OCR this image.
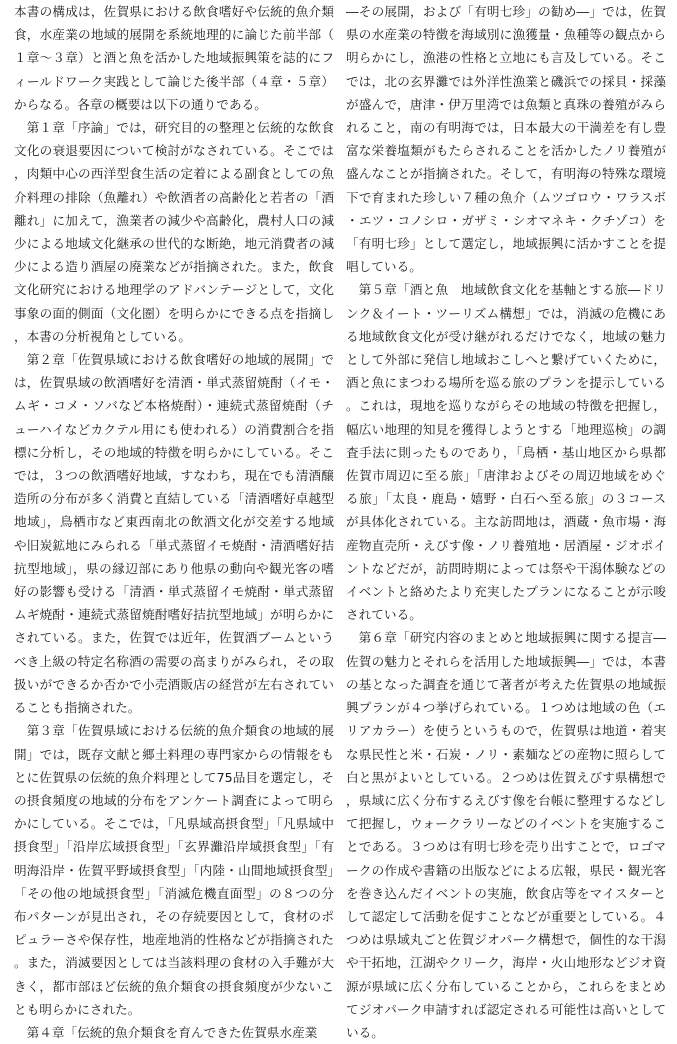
本書の構成は，佐賀県における飲食嗜好や伝統的魚介類食，水産業の地域的展開を系統地理的に論じた前半部（１章～３章）と酒と魚を活かした地域振興策を誌的にフィールドワーク実践として論じた後半部（４章・５章）からなる。各章の概要は以下の通りである。

第１章「序論」では，研究目的の整理と伝統的な飲食文化の衰退要因について検討がなされている。そこでは，肉類中心の西洋型食生活の定着による副食としての魚介料理の排除（魚離れ）や飲酒者の高齢化と若者の「酒離れ」に加えて，漁業者の減少や高齢化，農村人口の減少による地域文化継承の世代的な断絶，地元消費者の減少による造り酒屋の廃業などが指摘された。また，飲食文化研究における地理学のアドバンテージとして，文化事象の面的側面（文化圏）を明らかにできる点を指摘し，本書の分析視角としている。

第２章「佐賀県域における飲食嗜好の地域的展開」では，佐賀県域の飲酒嗜好を清酒・単式蒸留焼酎（イモ・ムギ・コメ・ソバなど本格焼酎）・連続式蒸留焼酎（チューハイなどカクテル用にも使われる）の消費割合を指標に分析し，その地域的特徴を明らかにしている。そこでは，３つの飲酒嗜好地域，すなわち，現在でも清酒醸造所の分布が多く消費と直結している「清酒嗜好卓越型地域」，鳥栖市など東西南北の飲酒文化が交差する地域や旧炭鉱地にみられる「単式蒸留イモ焼酎・清酒嗜好拮抗型地域」，県の縁辺部にあり他県の動向や観光客の嗜好の影響も受ける「清酒・単式蒸留イモ焼酎・単式蒸留ムギ焼酎・連続式蒸留焼酎嗜好拮抗型地域」が明らかにされている。また，佐賀では近年，佐賀酒ブームというべき上級の特定名称酒の需要の高まりがみられ，その取扱いができるか否かで小売酒販店の経営が左右されていることも指摘された。

第３章「佐賀県域における伝統的魚介類食の地域的展開」では，既存文献と郷土料理の専門家からの情報をもとに佐賀県の伝統的魚介料理として75品目を選定し，その摂食頻度の地域的分布をアンケート調査によって明らかにしている。そこでは，「凡県域高摂食型」「凡県域中摂食型」「沿岸広域摂食型」「玄界灘沿岸域摂食型」「有明海沿岸・佐賀平野域摂食型」「内陸・山間地域摂食型」「その他の地域摂食型」「消滅危機直面型」の８つの分布パターンが見出され，その存続要因として，食材のポピュラーさや保存性，地産地消的性格などが指摘された。また，消滅要因としては当該料理の食材の入手難が大きく，都市部ほど伝統的魚介類食の摂食頻度が少ないことも明らかにされた。

第４章「伝統的魚介類食を育んできた佐賀県水産業

―その展開，および「有明七珍」の勧め―」では，佐賀県の水産業の特徴を海域別に漁獲量・魚種等の観点から明らかにし，漁港の性格と立地にも言及している。そこでは，北の玄界灘では外洋性漁業と磯浜での採貝・採藻が盛んで，唐津・伊万里湾では魚類と真珠の養殖がみられること，南の有明海では，日本最大の干満差を有し豊富な栄養塩類がもたらされることを活かしたノリ養殖が盛んなことが指摘された。そして，有明海の特殊な環境下で育まれた珍しい７種の魚介（ムツゴロウ・ワラスボ・エツ・コノシロ・ガザミ・シオマネキ・クチゾコ）を「有明七珍」として選定し，地域振興に活かすことを提唱している。

第５章「酒と魚　地域飲食文化を基軸とする旅―ドリンク＆イート・ツーリズム構想」では，消滅の危機にある地域飲食文化が受け継がれるだけでなく，地域の魅力として外部に発信し地域おこしへと繋げていくために，酒と魚にまつわる場所を巡る旅のプランを提示している。これは，現地を巡りながらその地域の特徴を把握し，幅広い地理的知見を獲得しようとする「地理巡検」の調査手法に則ったものであり，「鳥栖・基山地区から県都佐賀市周辺に至る旅」「唐津およびその周辺地域をめぐる旅」「太良・鹿島・嬉野・白石へ至る旅」の３コースが具体化されている。主な訪問地は，酒蔵・魚市場・海産物直売所・えびす像・ノリ養殖地・居酒屋・ジオポイントなどだが，訪問時期によっては祭や干潟体験などのイベントと絡めたより充実したプランになることが示唆されている。

第６章「研究内容のまとめと地域振興に関する提言―佐賀の魅力とそれらを活用した地域振興―」では，本書の基となった調査を通じて著者が考えた佐賀県の地域振興プランが４つ挙げられている。１つめは地域の色（エリアカラー）を使うというもので，佐賀県は地道・着実な県民性と米・石炭・ノリ・素麺などの産物に照らして白と黒がよいとしている。２つめは佐賀えびす県構想で，県域に広く分布するえびす像を台帳に整理するなどして把握し，ウォークラリーなどのイベントを実施することである。３つめは有明七珍を売り出すことで，ロゴマークの作成や書籍の出版などによる広報，県民・観光客を巻き込んだイベントの実施，飲食店等をマイスターとして認定して活動を促すことなどが重要としている。４つめは県域丸ごと佐賀ジオパーク構想で，個性的な干潟や干拓地，江湖やクリーク，海岸・火山地形などジオ資源が県域に広く分布していることから，これらをまとめてジオパーク申請すれば認定される可能性は高いとしている。
